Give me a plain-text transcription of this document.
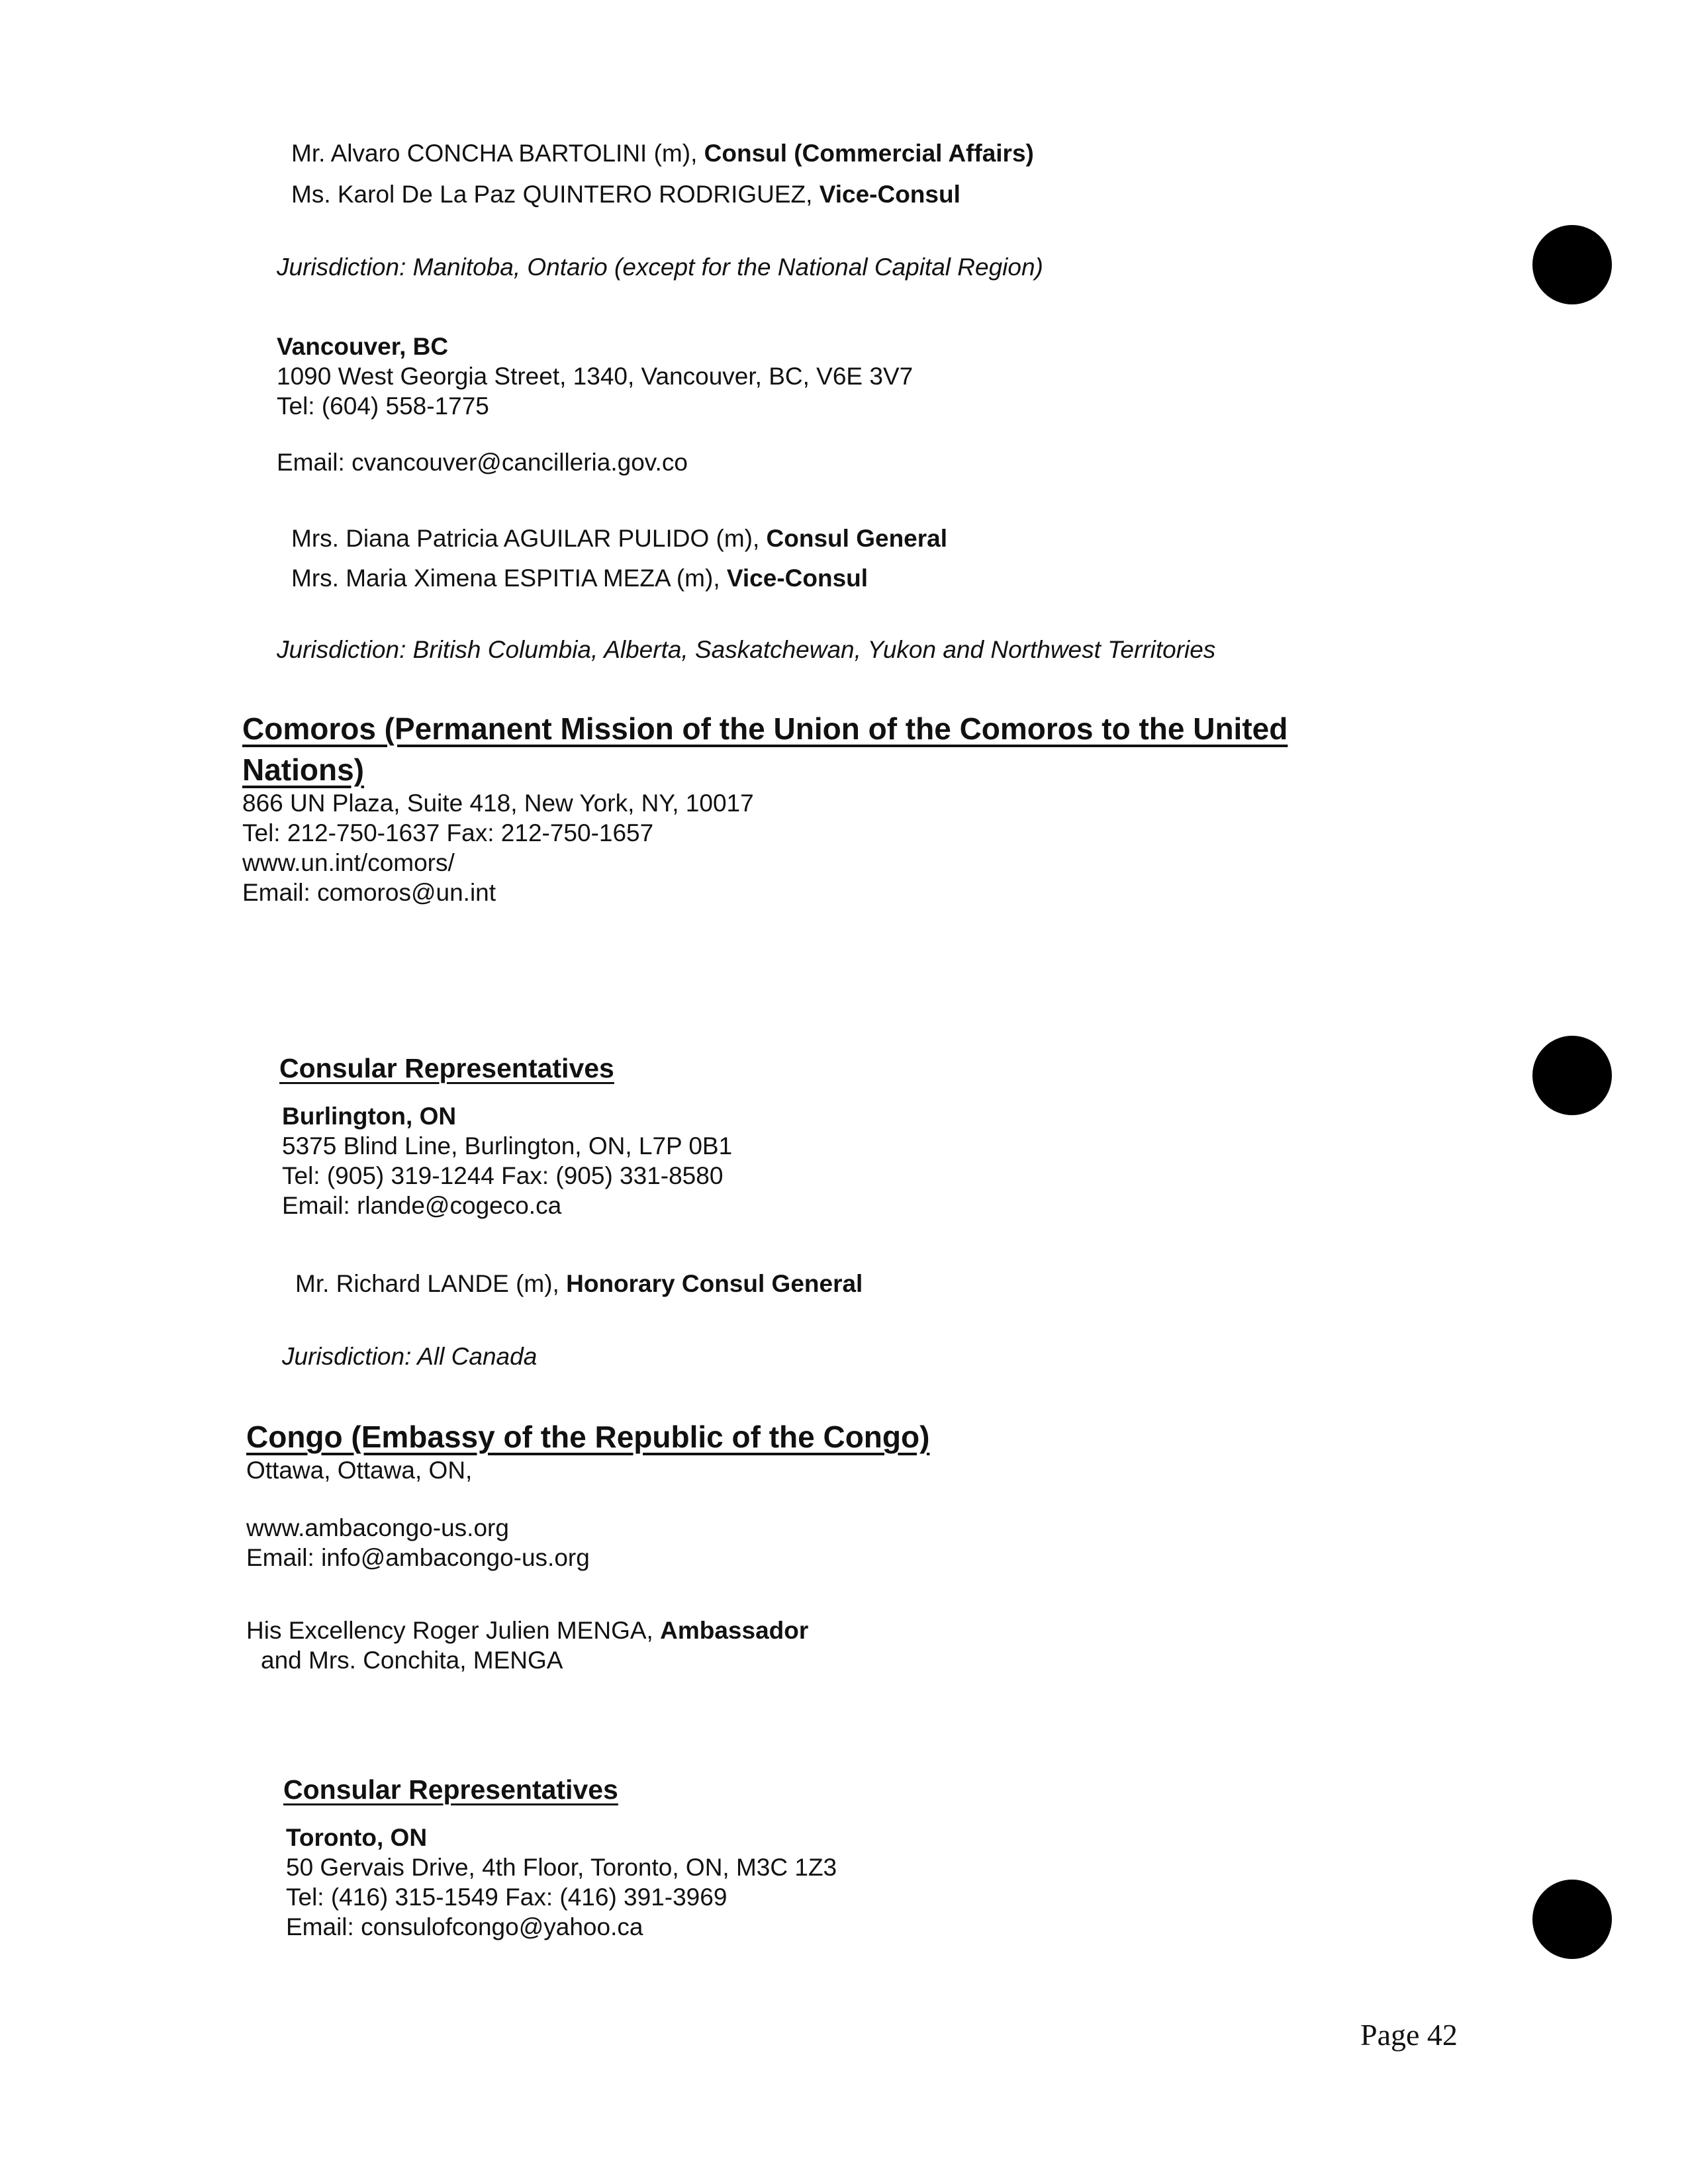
Mr. Alvaro CONCHA BARTOLINI (m), Consul (Commercial Affairs)
Ms. Karol De La Paz QUINTERO RODRIGUEZ, Vice-Consul
Jurisdiction: Manitoba, Ontario (except for the National Capital Region)
Vancouver, BC
1090 West Georgia Street, 1340, Vancouver, BC, V6E 3V7
Tel: (604) 558-1775
Email: cvancouver@cancilleria.gov.co
Mrs. Diana Patricia AGUILAR PULIDO (m), Consul General
Mrs. Maria Ximena ESPITIA MEZA (m), Vice-Consul
Jurisdiction: British Columbia, Alberta, Saskatchewan, Yukon and Northwest Territories
Comoros (Permanent Mission of the Union of the Comoros to the United
Nations)
866 UN Plaza, Suite 418, New York, NY, 10017
Tel: 212-750-1637 Fax: 212-750-1657
www.un.int/comors/
Email: comoros@un.int
Consular Representatives
Burlington, ON
5375 Blind Line, Burlington, ON, L7P 0B1
Tel: (905) 319-1244 Fax: (905) 331-8580
Email: rlande@cogeco.ca
Mr. Richard LANDE (m), Honorary Consul General
Jurisdiction: All Canada
Congo (Embassy of the Republic of the Congo)
Ottawa, Ottawa, ON,
www.ambacongo-us.org
Email: info@ambacongo-us.org
His Excellency Roger Julien MENGA, Ambassador
and Mrs. Conchita, MENGA
Consular Representatives
Toronto, ON
50 Gervais Drive, 4th Floor, Toronto, ON, M3C 1Z3
Tel: (416) 315-1549 Fax: (416) 391-3969
Email: consulofcongo@yahoo.ca
Page 42
